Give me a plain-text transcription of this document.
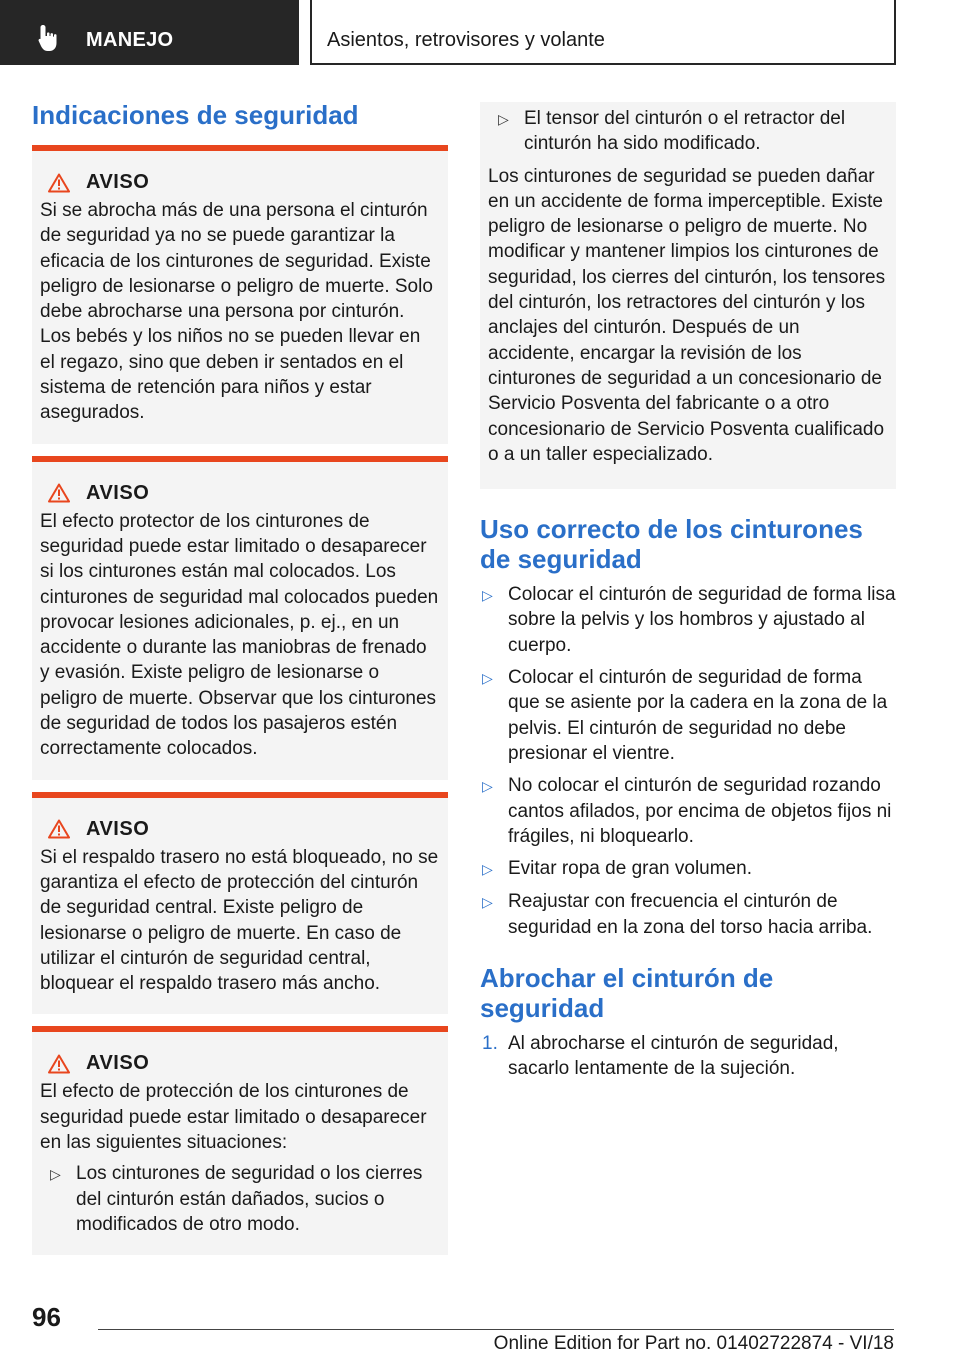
MANEJO	Asientos, retrovisores y volante
Indicaciones de seguridad
AVISO

Si se abrocha más de una persona el cinturón de seguridad ya no se puede garantizar la eficacia de los cinturones de seguridad. Existe peligro de lesionarse o peligro de muerte. Solo debe abrocharse una persona por cinturón. Los bebés y los niños no se pueden llevar en el regazo, sino que deben ir sentados en el sistema de retención para niños y estar asegurados.

AVISO

El efecto protector de los cinturones de seguridad puede estar limitado o desaparecer si los cinturones están mal colocados. Los cinturones de seguridad mal colocados pueden provocar lesiones adicionales, p. ej., en un accidente o durante las maniobras de frenado y evasión. Existe peligro de lesionarse o peligro de muerte. Observar que los cinturones de seguridad de todos los pasajeros estén correctamente colocados.

AVISO

Si el respaldo trasero no está bloqueado, no se garantiza el efecto de protección del cinturón de seguridad central. Existe peligro de lesionarse o peligro de muerte. En caso de utilizar el cinturón de seguridad central, bloquear el respaldo trasero más ancho.

AVISO

El efecto de protección de los cinturones de seguridad puede estar limitado o desaparecer en las siguientes situaciones:

▷ Los cinturones de seguridad o los cierres del cinturón están dañados, sucios o modificados de otro modo.
▷ El tensor del cinturón o el retractor del cinturón ha sido modificado.

Los cinturones de seguridad se pueden dañar en un accidente de forma imperceptible. Existe peligro de lesionarse o peligro de muerte. No modificar y mantener limpios los cinturones de seguridad, los cierres del cinturón, los tensores del cinturón, los retractores del cinturón y los anclajes del cinturón. Después de un accidente, encargar la revisión de los cinturones de seguridad a un concesionario de Servicio Posventa del fabricante o a otro concesionario de Servicio Posventa cualificado o a un taller especializado.

Uso correcto de los cinturones de seguridad
▷ Colocar el cinturón de seguridad de forma lisa sobre la pelvis y los hombros y ajustado al cuerpo.
▷ Colocar el cinturón de seguridad de forma que se asiente por la cadera en la zona de la pelvis. El cinturón de seguridad no debe presionar el vientre.
▷ No colocar el cinturón de seguridad rozando cantos afilados, por encima de objetos fijos ni frágiles, ni bloquearlo.
▷ Evitar ropa de gran volumen.
▷ Reajustar con frecuencia el cinturón de seguridad en la zona del torso hacia arriba.
Abrochar el cinturón de seguridad
1. Al abrocharse el cinturón de seguridad, sacarlo lentamente de la sujeción.
96
Online Edition for Part no. 01402722874 - VI/18
